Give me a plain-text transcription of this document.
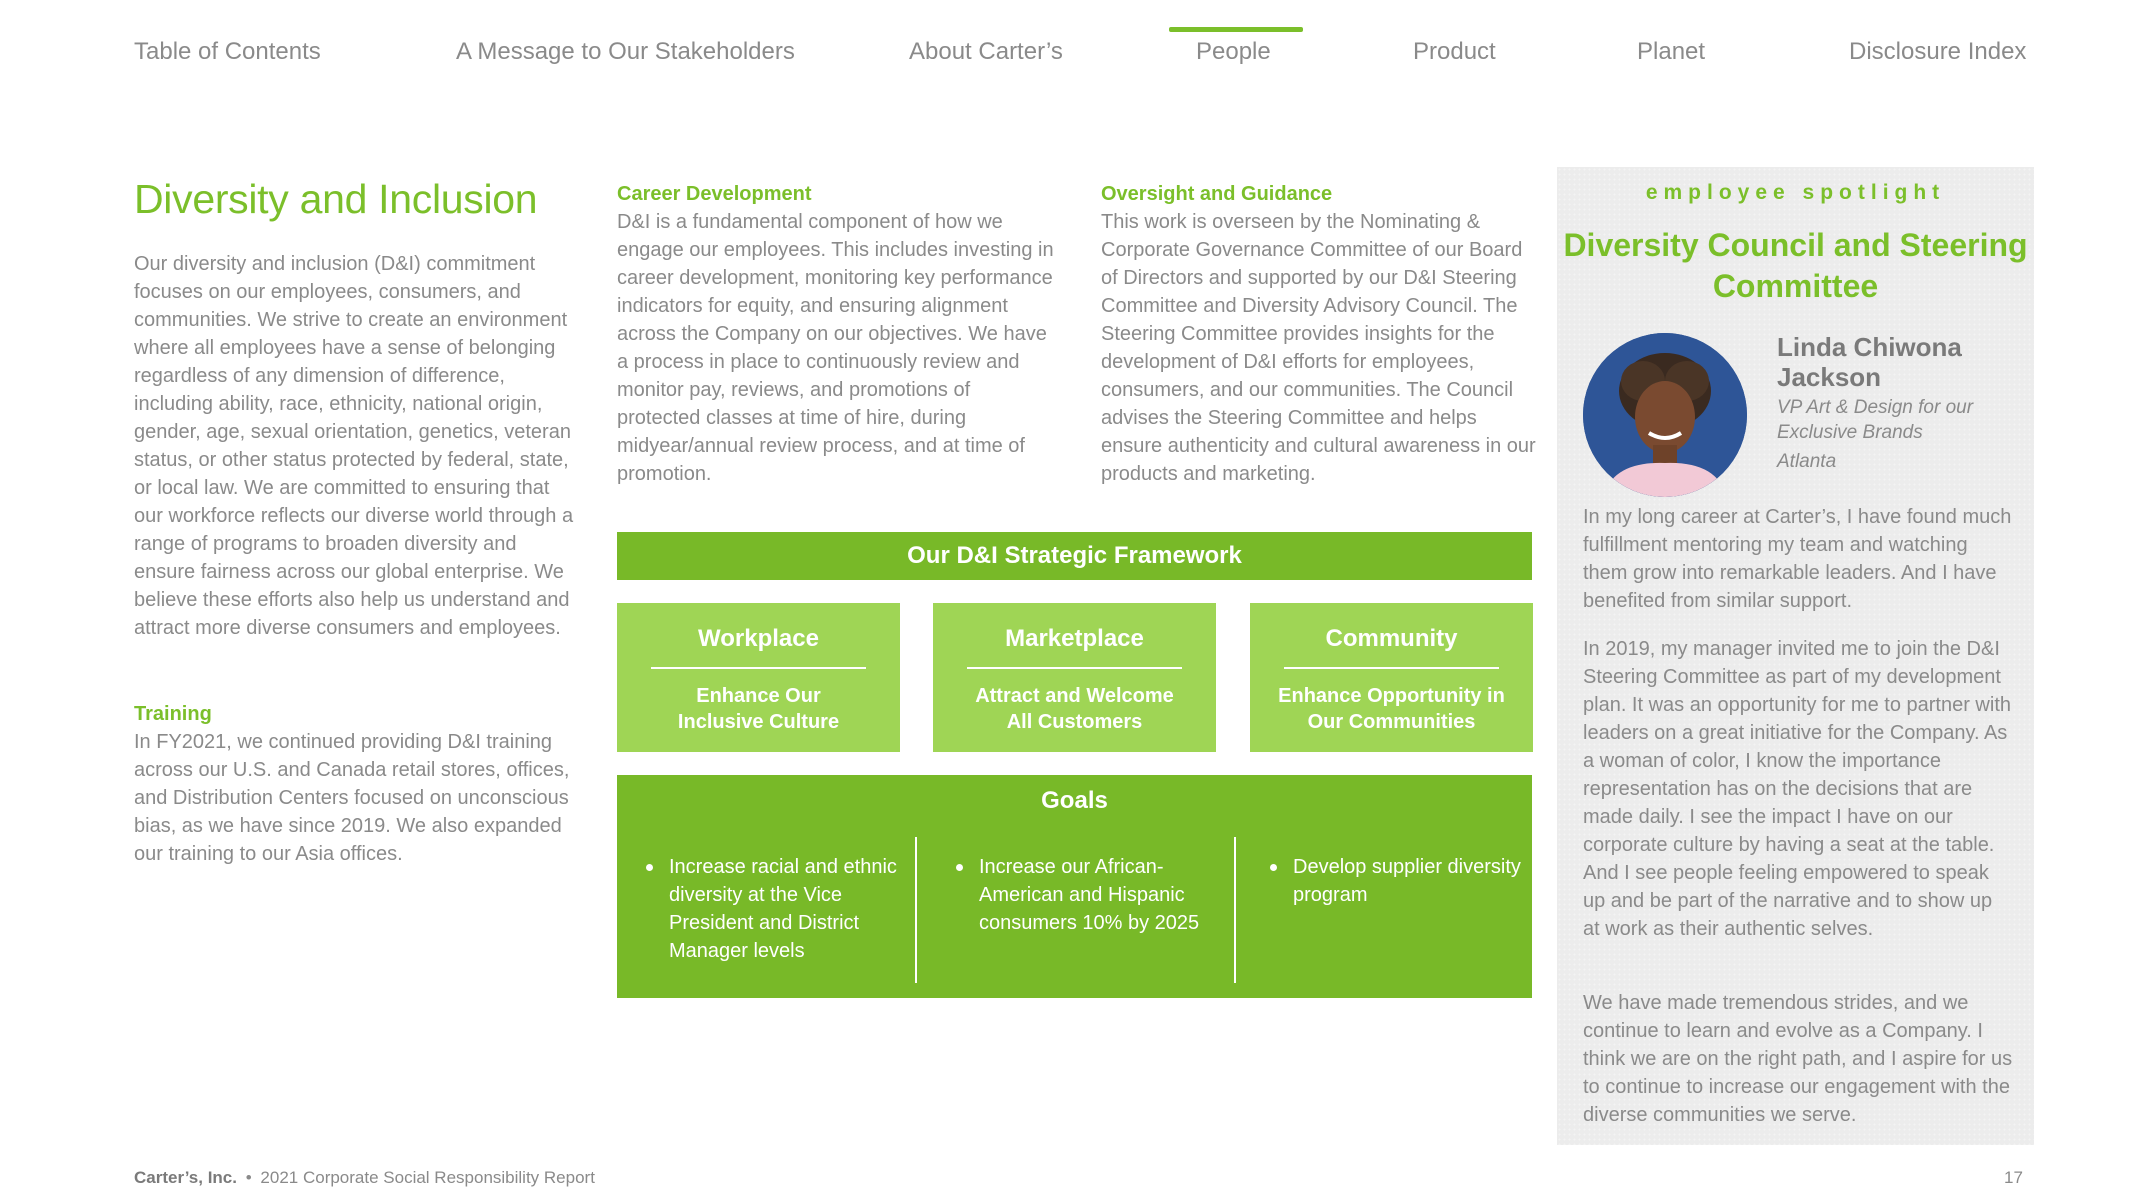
Table of Contents	A Message to Our Stakeholders	About Carter’s	People	Product	Planet	Disclosure Index
Diversity and Inclusion

Our diversity and inclusion (D&I) commitment focuses on our employees, consumers, and communities. We strive to create an environment where all employees have a sense of belonging regardless of any dimension of difference, including ability, race, ethnicity, national origin, gender, age, sexual orientation, genetics, veteran status, or other status protected by federal, state, or local law. We are committed to ensuring that our workforce reflects our diverse world through a range of programs to broaden diversity and ensure fairness across our global enterprise. We believe these efforts also help us understand and attract more diverse consumers and employees.

Training

In FY2021, we continued providing D&I training across our U.S. and Canada retail stores, offices, and Distribution Centers focused on unconscious bias, as we have since 2019. We also expanded our training to our Asia offices.

Career Development

D&I is a fundamental component of how we engage our employees. This includes investing in career development, monitoring key performance indicators for equity, and ensuring alignment across the Company on our objectives. We have a process in place to continuously review and monitor pay, reviews, and promotions of protected classes at time of hire, during midyear/annual review process, and at time of promotion.

Oversight and Guidance

This work is overseen by the Nominating & Corporate Governance Committee of our Board of Directors and supported by our D&I Steering Committee and Diversity Advisory Council. The Steering Committee provides insights for the development of D&I efforts for employees, consumers, and our communities. The Council advises the Steering Committee and helps ensure authenticity and cultural awareness in our products and marketing.

Our D&I Strategic Framework
Workplace
Enhance Our Inclusive Culture
Marketplace
Attract and Welcome All Customers
Community
Enhance Opportunity in Our Communities
Goals
Increase racial and ethnic diversity at the Vice President and District Manager levels
Increase our African-American and Hispanic consumers 10% by 2025
Develop supplier diversity program
employee spotlight
Diversity Council and Steering Committee
Linda Chiwona Jackson
VP Art & Design for our Exclusive Brands
Atlanta

In my long career at Carter’s, I have found much fulfillment mentoring my team and watching them grow into remarkable leaders. And I have benefited from similar support.

In 2019, my manager invited me to join the D&I Steering Committee as part of my development plan. It was an opportunity for me to partner with leaders on a great initiative for the Company. As a woman of color, I know the importance representation has on the decisions that are made daily. I see the impact I have on our corporate culture by having a seat at the table. And I see people feeling empowered to speak up and be part of the narrative and to show up at work as their authentic selves.

We have made tremendous strides, and we continue to learn and evolve as a Company. I think we are on the right path, and I aspire for us to continue to increase our engagement with the diverse communities we serve.

Carter’s, Inc. • 2021 Corporate Social Responsibility Report	17
